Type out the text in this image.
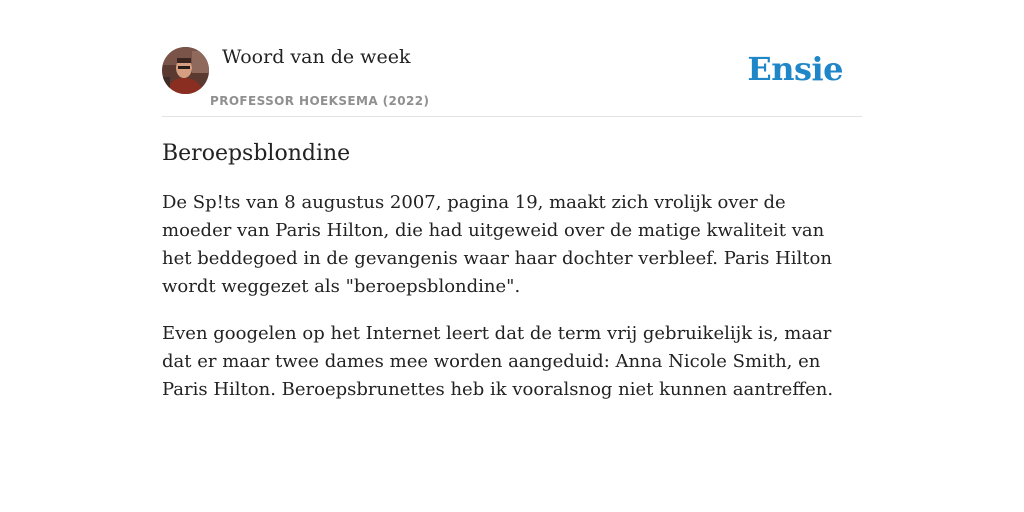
Woord van de week
PROFESSOR HOEKSEMA (2022)
Ensie
Beroepsblondine

De Sp!ts van 8 augustus 2007, pagina 19, maakt zich vrolijk over de moeder van Paris Hilton, die had uitgeweid over de matige kwaliteit van het beddegoed in de gevangenis waar haar dochter verbleef. Paris Hilton wordt weggezet als "beroepsblondine".

Even googelen op het Internet leert dat de term vrij gebruikelijk is, maar dat er maar twee dames mee worden aangeduid: Anna Nicole Smith, en Paris Hilton. Beroepsbrunettes heb ik vooralsnog niet kunnen aantreffen.
